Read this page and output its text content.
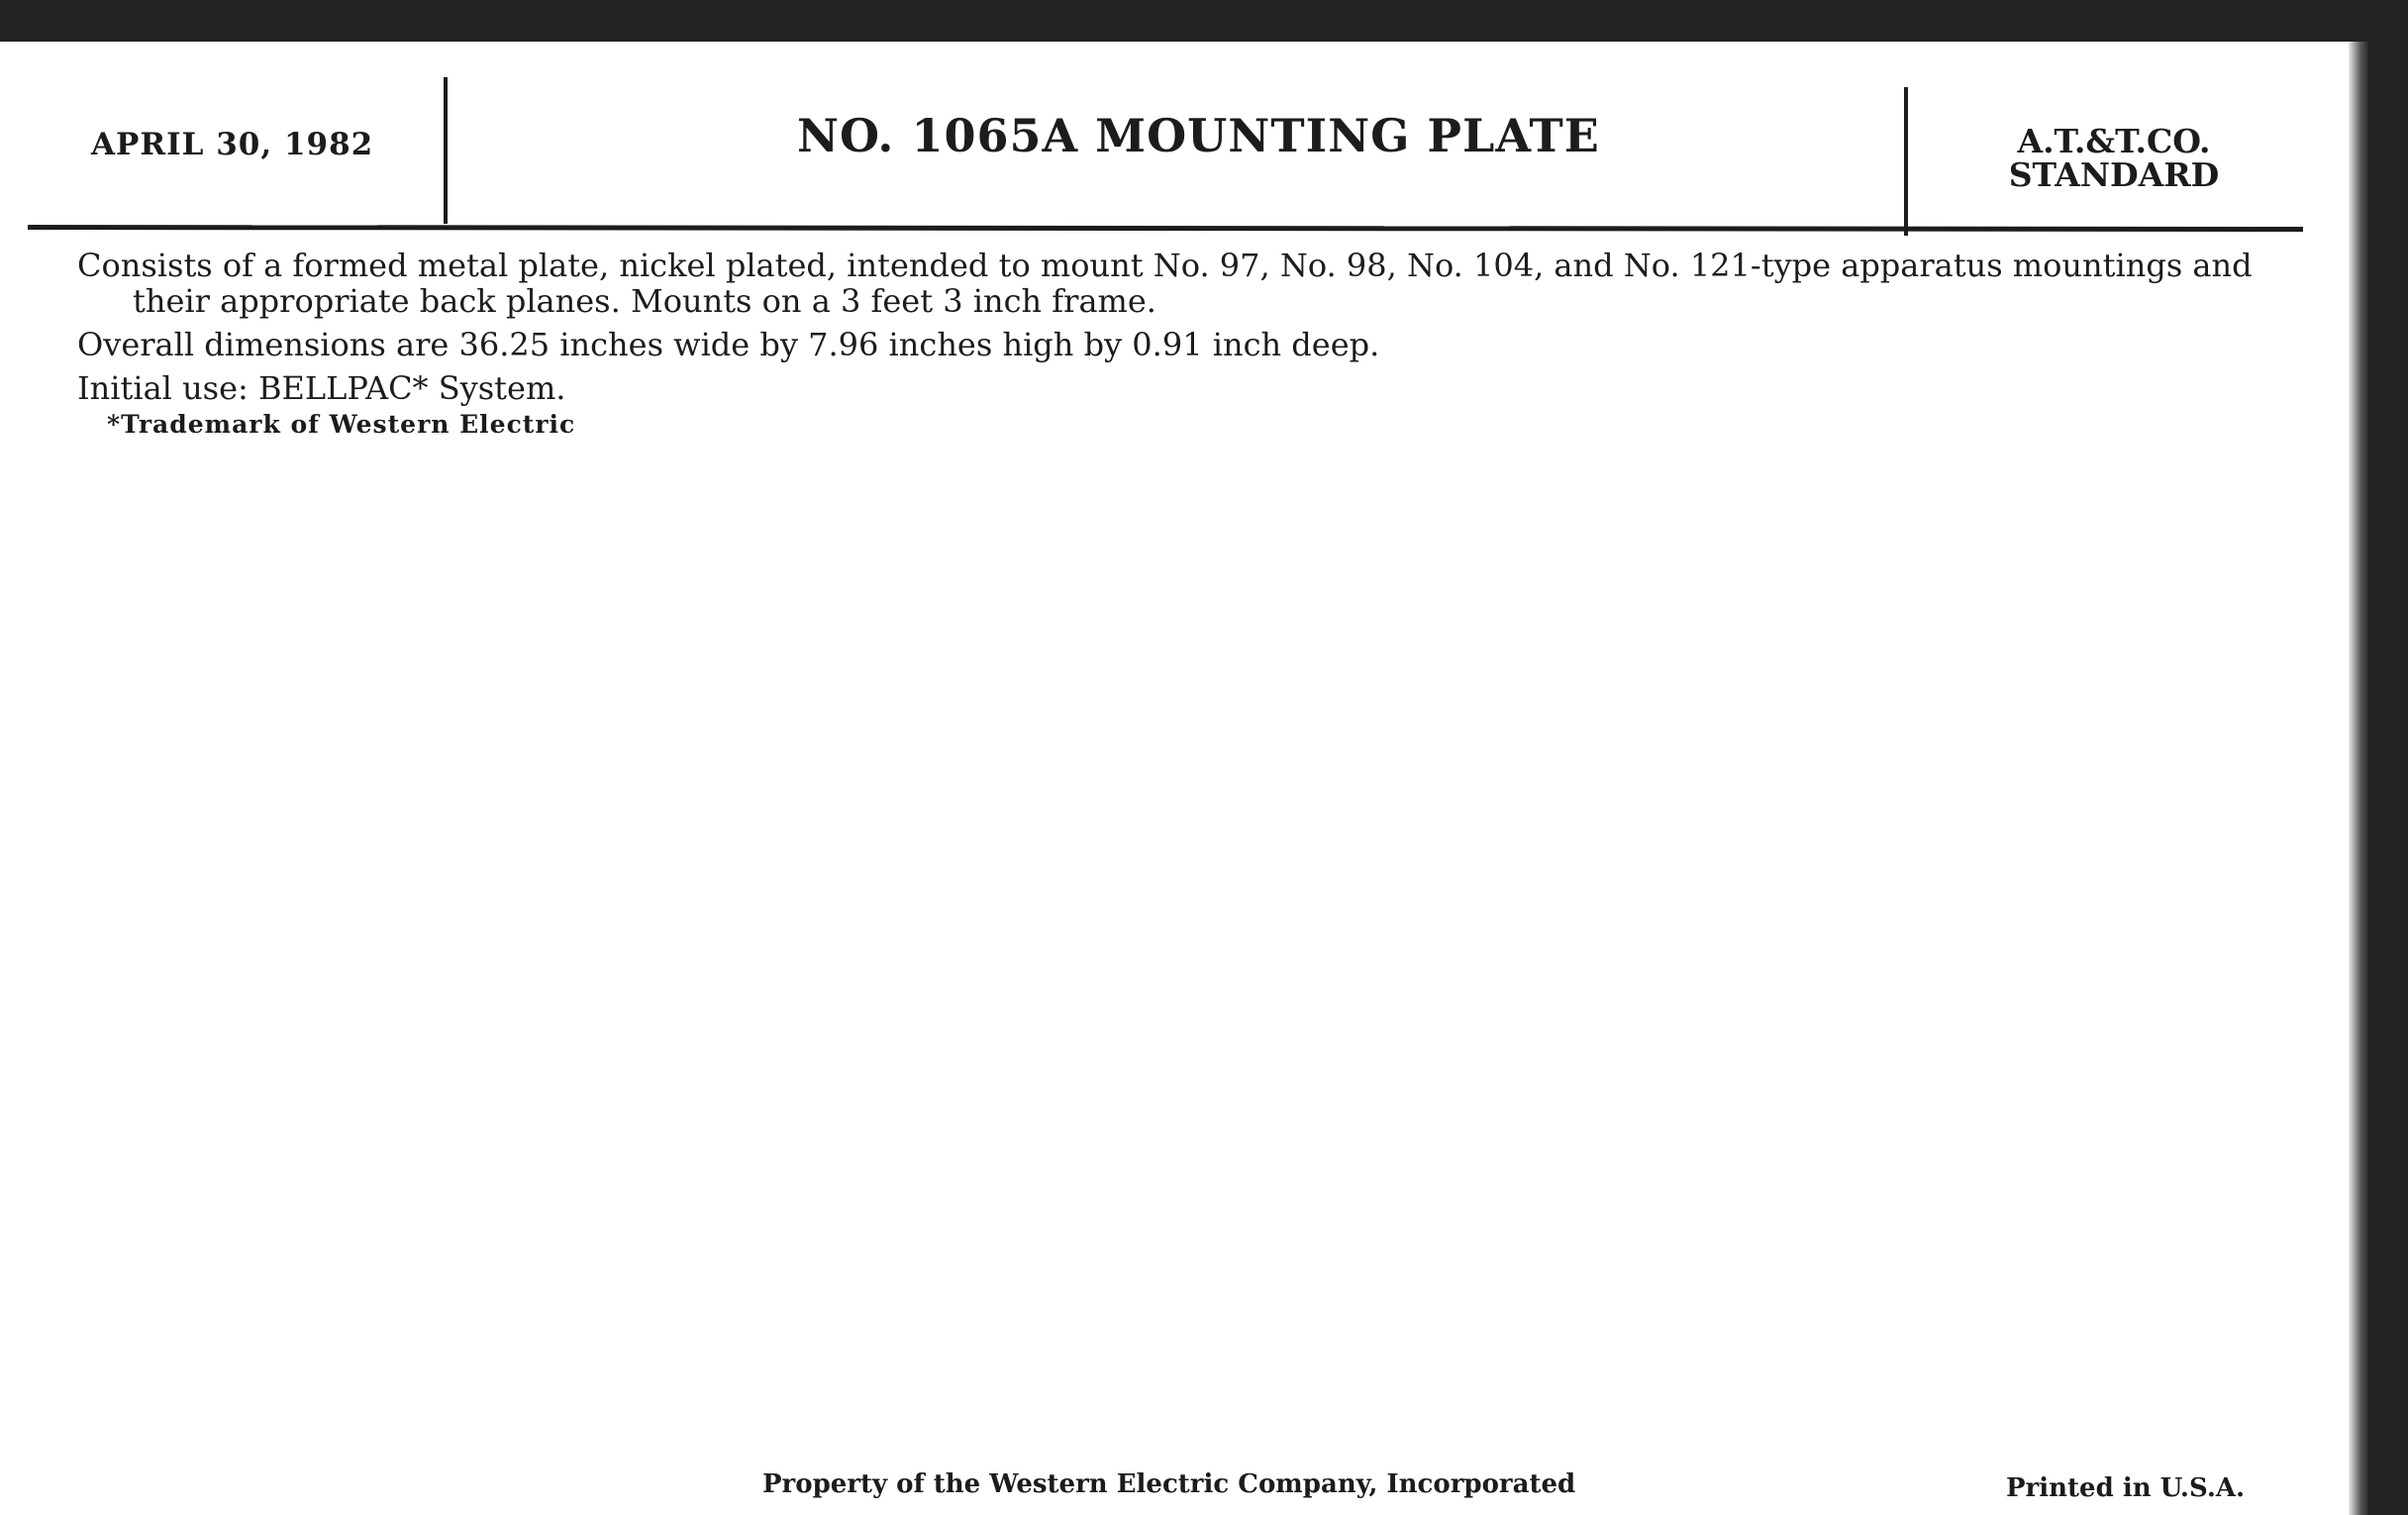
APRIL 30, 1982	NO. 1065A MOUNTING PLATE	A.T.&T.CO.
STANDARD

Consists of a formed metal plate, nickel plated, intended to mount No. 97, No. 98, No. 104, and No. 121-type apparatus mountings and their appropriate back planes. Mounts on a 3 feet 3 inch frame.

Overall dimensions are 36.25 inches wide by 7.96 inches high by 0.91 inch deep.

Initial use: BELLPAC* System.

*Trademark of Western Electric
Property of the Western Electric Company, Incorporated	Printed in U.S.A.
